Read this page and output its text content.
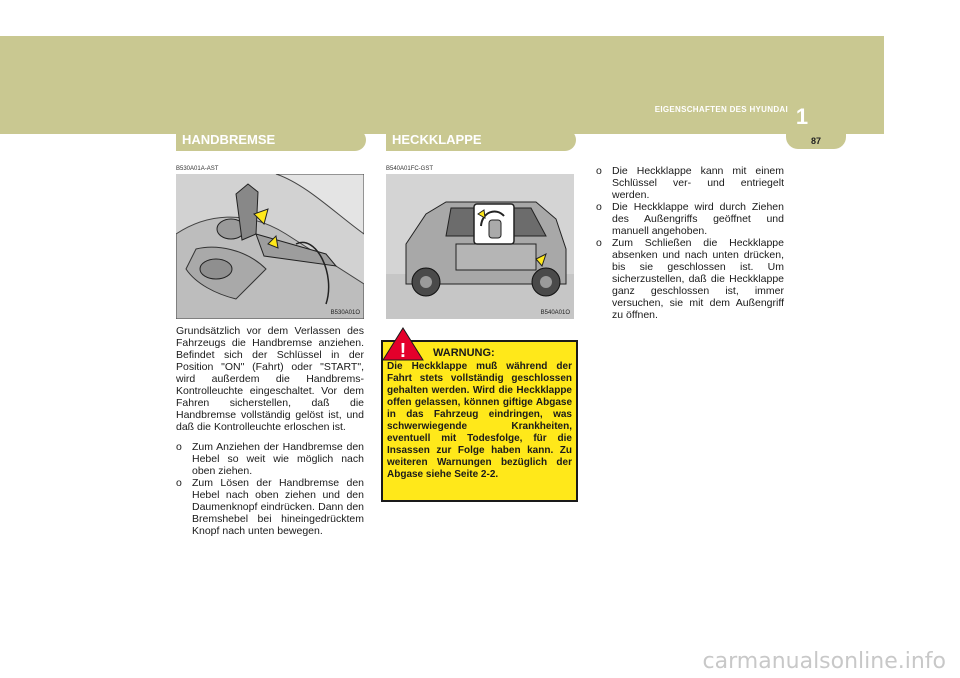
EIGENSCHAFTEN DES HYUNDAI 1
87
HANDBREMSE
B530A01A-AST
B530A01O

Grundsätzlich vor dem Verlassen des Fahrzeugs die Handbremse anziehen. Befindet sich der Schlüssel in der Position "ON" (Fahrt) oder "START", wird außerdem die Handbrems-Kontrolleuchte eingeschaltet. Vor dem Fahren sicherstellen, daß die Handbremse vollständig gelöst ist, und daß die Kontrolleuchte erloschen ist.

o Zum Anziehen der Handbremse den Hebel so weit wie möglich nach oben ziehen.
o Zum Lösen der Handbremse den Hebel nach oben ziehen und den Daumenknopf eindrücken. Dann den Bremshebel bei hineingedrücktem Knopf nach unten bewegen.
HECKKLAPPE
B540A01FC-GST
B540A01O
WARNUNG:
Die Heckklappe muß während der Fahrt stets vollständig geschlossen gehalten werden. Wird die Heckklappe offen gelassen, können giftige Abgase in das Fahrzeug eindringen, was schwerwiegende Krankheiten, eventuell mit Todesfolge, für die Insassen zur Folge haben kann. Zu weiteren Warnungen bezüglich der Abgase siehe Seite 2-2.
!
o Die Heckklappe kann mit einem Schlüssel ver- und entriegelt werden.
o Die Heckklappe wird durch Ziehen des Außengriffs geöffnet und manuell angehoben.
o Zum Schließen die Heckklappe absenken und nach unten drücken, bis sie geschlossen ist. Um sicherzustellen, daß die Heckklappe ganz geschlossen ist, immer versuchen, sie mit dem Außengriff zu öffnen.
carmanualsonline.info
